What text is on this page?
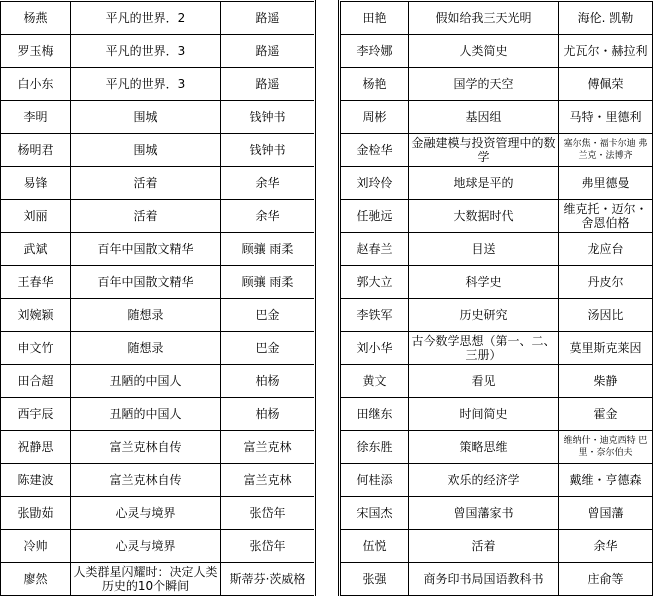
杨燕	平凡的世界．2	路遥
罗玉梅	平凡的世界．3	路遥
白小东	平凡的世界．3	路遥
李明	围城	钱钟书
杨明君	围城	钱钟书
易锋	活着	余华
刘丽	活着	余华
武斌	百年中国散文精华	顾骧 雨柔
王春华	百年中国散文精华	顾骧 雨柔
刘婉颖	随想录	巴金
申文竹	随想录	巴金
田合超	丑陋的中国人	柏杨
西宇辰	丑陋的中国人	柏杨
祝静思	富兰克林自传	富兰克林
陈建波	富兰克林自传	富兰克林
张勖茹	心灵与境界	张岱年
冷帅	心灵与境界	张岱年
廖然	人类群星闪耀时：决定人类历史的10个瞬间	斯蒂芬·茨威格
田艳	假如给我三天光明	海伦. 凯勒
李玲娜	人类简史	尤瓦尔・赫拉利
杨艳	国学的天空	傅佩荣
周彬	基因组	马特・里德利
金检华	金融建模与投资管理中的数学	塞尔焦・福卡尔迪 弗兰克・法博齐
刘玲伶	地球是平的	弗里德曼
任驰远	大数据时代	维克托・迈尔・舍恩伯格
赵春兰	目送	龙应台
郭大立	科学史	丹皮尔
李铁军	历史研究	汤因比
刘小华	古今数学思想（第一、二、三册）	莫里斯克莱因
黄文	看见	柴静
田继东	时间简史	霍金
徐东胜	策略思维	维纳什・迪克西特 巴里・奈尔伯夫
何桂添	欢乐的经济学	戴维・亨德森
宋国杰	曾国藩家书	曾国藩
伍悦	活着	余华
张强	商务印书局国语教科书	庄俞等
